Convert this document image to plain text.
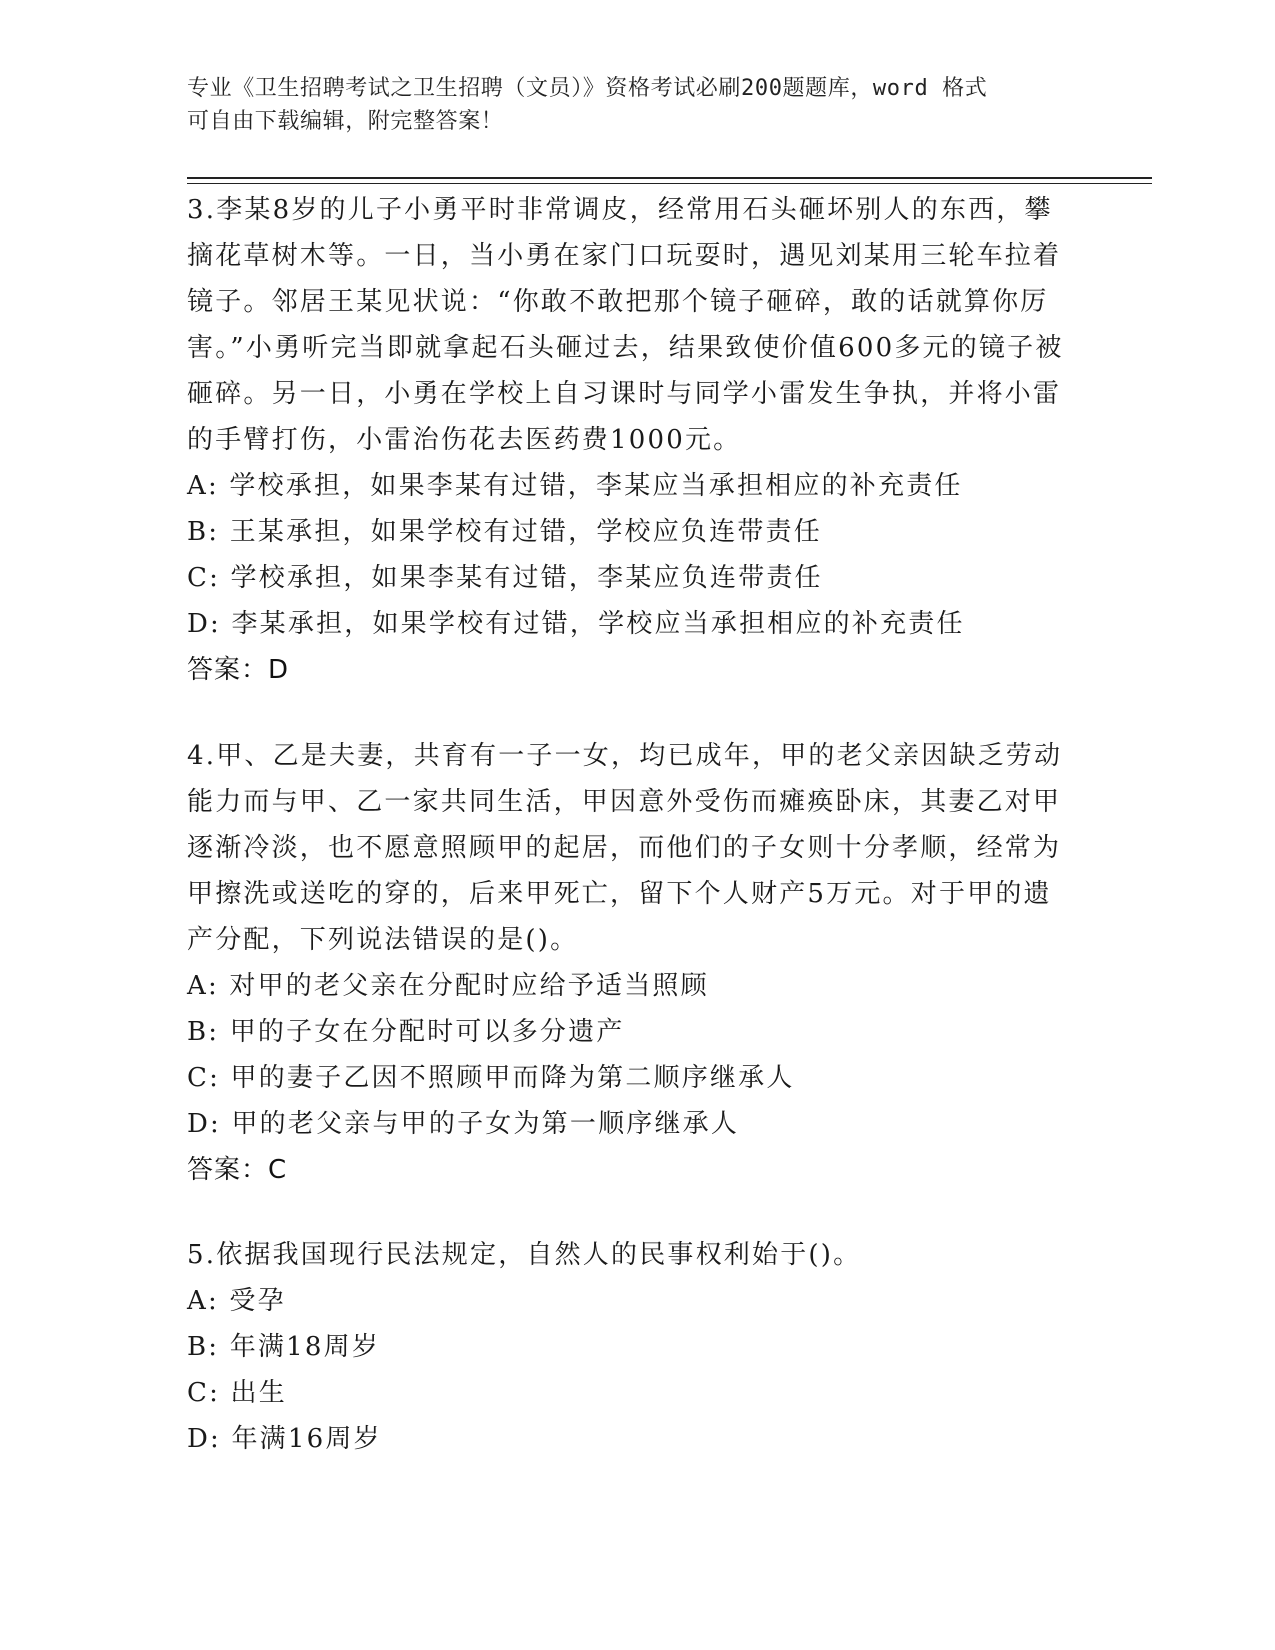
专业《卫生招聘考试之卫生招聘（文员）》资格考试必刷200题题库，word 格式
可自由下载编辑，附完整答案！

3.李某8岁的儿子小勇平时非常调皮，经常用石头砸坏别人的东西，攀摘花草树木等。一日，当小勇在家门口玩耍时，遇见刘某用三轮车拉着镜子。邻居王某见状说：“你敢不敢把那个镜子砸碎，敢的话就算你厉害。”小勇听完当即就拿起石头砸过去，结果致使价值600多元的镜子被砸碎。另一日，小勇在学校上自习课时与同学小雷发生争执，并将小雷的手臂打伤，小雷治伤花去医药费1000元。

A: 学校承担，如果李某有过错，李某应当承担相应的补充责任

B: 王某承担，如果学校有过错，学校应负连带责任

C: 学校承担，如果李某有过错，李某应负连带责任

D: 李某承担，如果学校有过错，学校应当承担相应的补充责任

答案：D

4.甲、乙是夫妻，共育有一子一女，均已成年，甲的老父亲因缺乏劳动能力而与甲、乙一家共同生活，甲因意外受伤而瘫痪卧床，其妻乙对甲逐渐冷淡，也不愿意照顾甲的起居，而他们的子女则十分孝顺，经常为甲擦洗或送吃的穿的，后来甲死亡，留下个人财产5万元。对于甲的遗产分配，下列说法错误的是()。

A: 对甲的老父亲在分配时应给予适当照顾

B: 甲的子女在分配时可以多分遗产

C: 甲的妻子乙因不照顾甲而降为第二顺序继承人

D: 甲的老父亲与甲的子女为第一顺序继承人

答案：C

5.依据我国现行民法规定，自然人的民事权利始于()。

A: 受孕

B: 年满18周岁

C: 出生

D: 年满16周岁
